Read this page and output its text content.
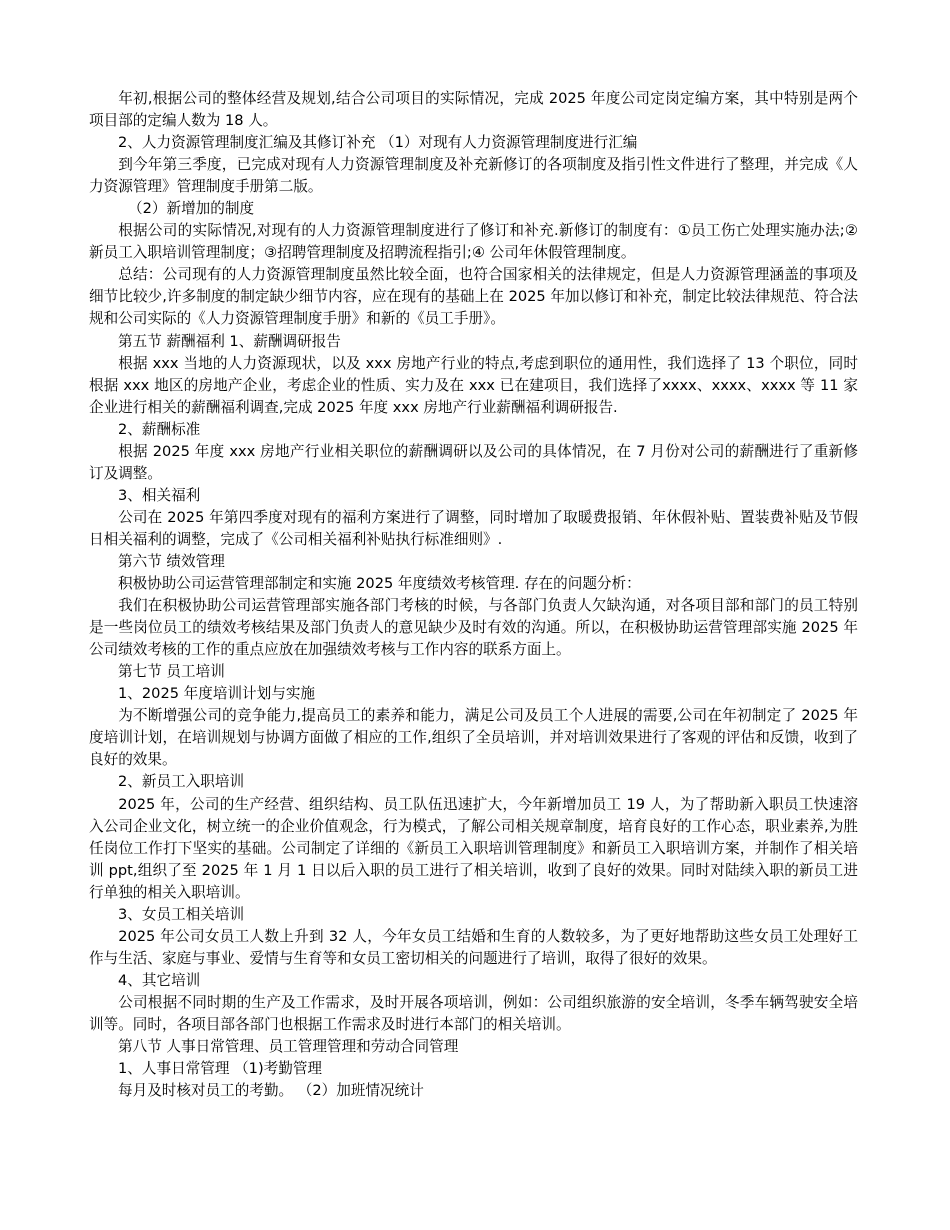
年初,根据公司的整体经营及规划,结合公司项目的实际情况，完成 2025 年度公司定岗定编方案，其中特别是两个项目部的定编人数为 18 人。

2、人力资源管理制度汇编及其修订补充 （1）对现有人力资源管理制度进行汇编

到今年第三季度，已完成对现有人力资源管理制度及补充新修订的各项制度及指引性文件进行了整理，并完成《人力资源管理》管理制度手册第二版。

（2）新增加的制度

根据公司的实际情况,对现有的人力资源管理制度进行了修订和补充.新修订的制度有：①员工伤亡处理实施办法;② 新员工入职培训管理制度；③招聘管理制度及招聘流程指引;④ 公司年休假管理制度。

总结：公司现有的人力资源管理制度虽然比较全面，也符合国家相关的法律规定，但是人力资源管理涵盖的事项及细节比较少,许多制度的制定缺少细节内容，应在现有的基础上在 2025 年加以修订和补充，制定比较法律规范、符合法规和公司实际的《人力资源管理制度手册》和新的《员工手册》。

第五节 薪酬福利 1、薪酬调研报告

根据 xxx 当地的人力资源现状，以及 xxx 房地产行业的特点,考虑到职位的通用性，我们选择了 13 个职位，同时根据 xxx 地区的房地产企业，考虑企业的性质、实力及在 xxx 已在建项目，我们选择了xxxx、xxxx、xxxx 等 11 家企业进行相关的薪酬福利调查,完成 2025 年度 xxx 房地产行业薪酬福利调研报告.

2、薪酬标准

根据 2025 年度 xxx 房地产行业相关职位的薪酬调研以及公司的具体情况，在 7 月份对公司的薪酬进行了重新修订及调整。

3、相关福利

公司在 2025 年第四季度对现有的福利方案进行了调整，同时增加了取暖费报销、年休假补贴、置装费补贴及节假日相关福利的调整，完成了《公司相关福利补贴执行标准细则》.

第六节 绩效管理

积极协助公司运营管理部制定和实施 2025 年度绩效考核管理. 存在的问题分析：

我们在积极协助公司运营管理部实施各部门考核的时候，与各部门负责人欠缺沟通，对各项目部和部门的员工特别是一些岗位员工的绩效考核结果及部门负责人的意见缺少及时有效的沟通。所以，在积极协助运营管理部实施 2025 年公司绩效考核的工作的重点应放在加强绩效考核与工作内容的联系方面上。

第七节 员工培训

1、2025 年度培训计划与实施

为不断增强公司的竞争能力,提高员工的素养和能力，满足公司及员工个人进展的需要,公司在年初制定了 2025 年度培训计划，在培训规划与协调方面做了相应的工作,组织了全员培训，并对培训效果进行了客观的评估和反馈，收到了良好的效果。

2、新员工入职培训

2025 年，公司的生产经营、组织结构、员工队伍迅速扩大，今年新增加员工 19 人，为了帮助新入职员工快速溶入公司企业文化，树立统一的企业价值观念，行为模式，了解公司相关规章制度，培育良好的工作心态，职业素养,为胜任岗位工作打下坚实的基础。公司制定了详细的《新员工入职培训管理制度》和新员工入职培训方案，并制作了相关培训 ppt,组织了至 2025 年 1 月 1 日以后入职的员工进行了相关培训，收到了良好的效果。同时对陆续入职的新员工进行单独的相关入职培训。

3、女员工相关培训

2025 年公司女员工人数上升到 32 人，今年女员工结婚和生育的人数较多，为了更好地帮助这些女员工处理好工作与生活、家庭与事业、爱情与生育等和女员工密切相关的问题进行了培训，取得了很好的效果。

4、其它培训

公司根据不同时期的生产及工作需求，及时开展各项培训，例如：公司组织旅游的安全培训，冬季车辆驾驶安全培训等。同时，各项目部各部门也根据工作需求及时进行本部门的相关培训。

第八节 人事日常管理、员工管理管理和劳动合同管理

1、人事日常管理 （1)考勤管理

每月及时核对员工的考勤。 （2）加班情况统计
